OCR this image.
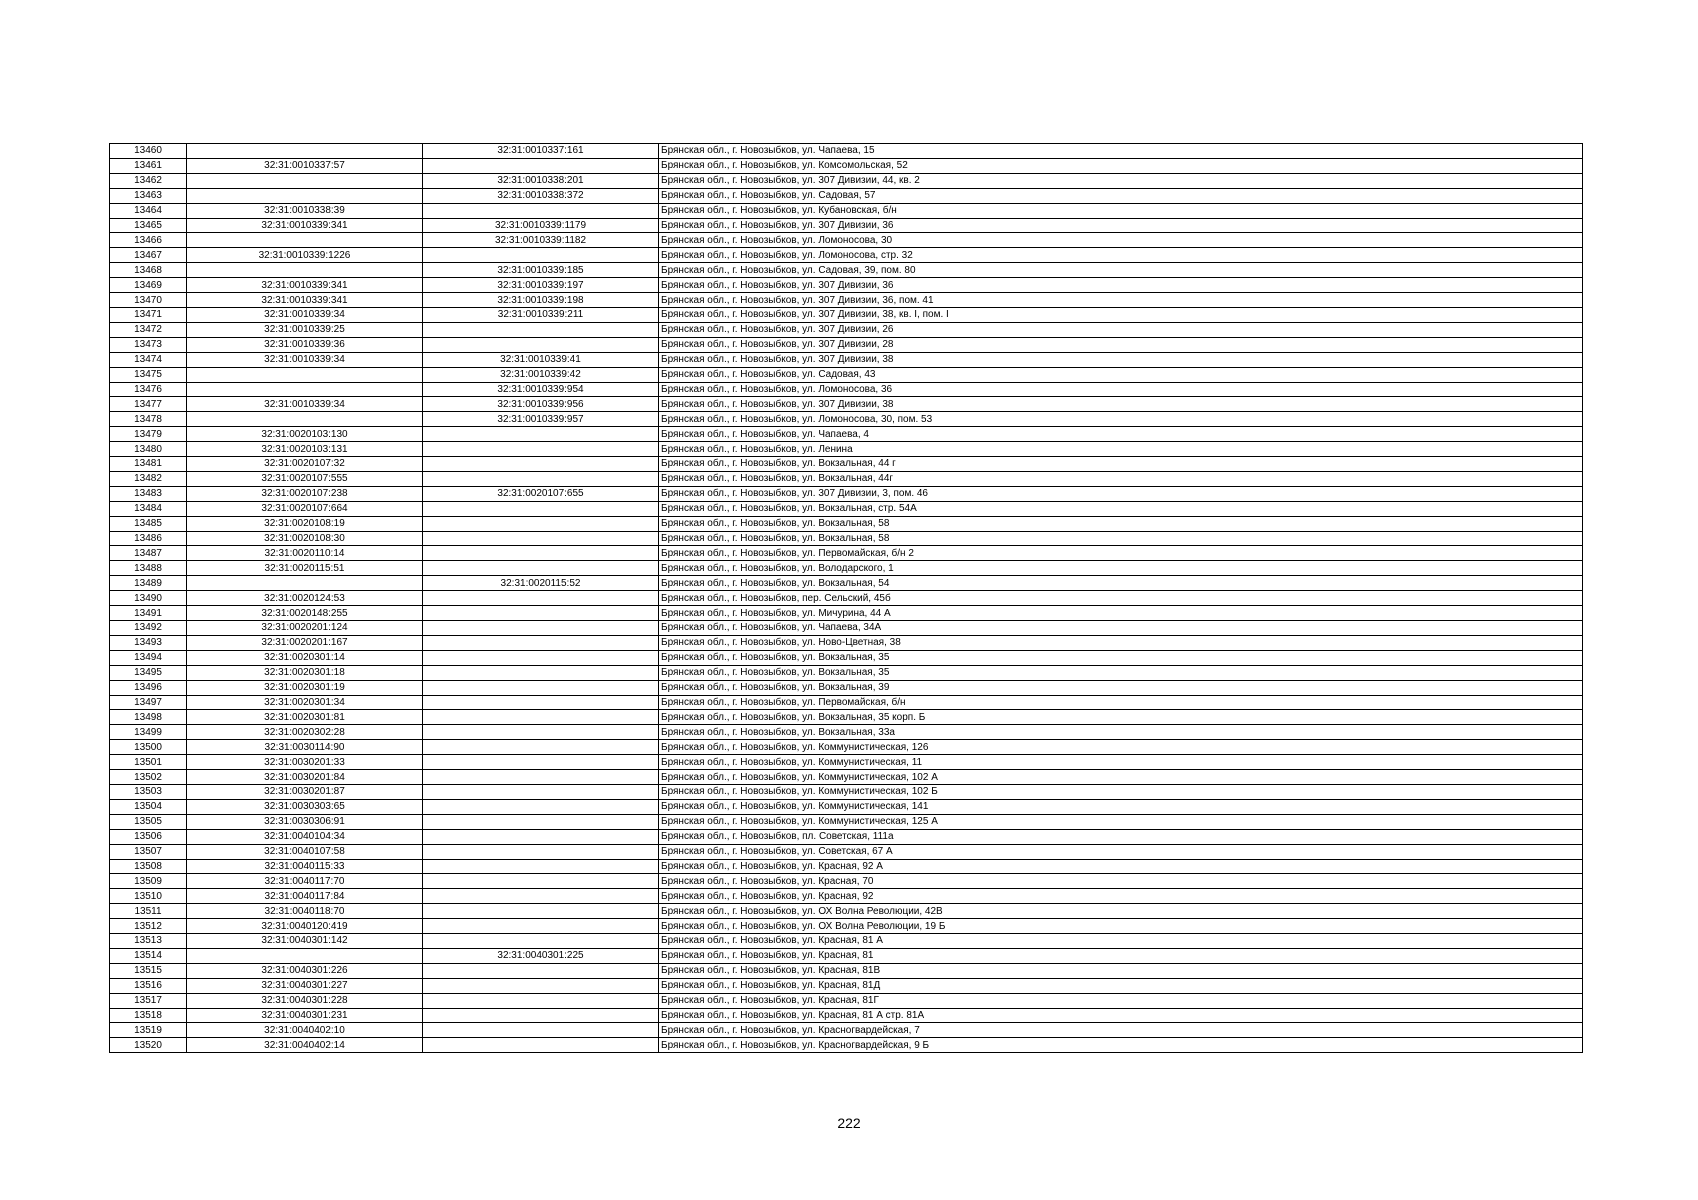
13460		32:31:0010337:161	Брянская обл., г. Новозыбков, ул. Чапаева, 15
13461	32:31:0010337:57		Брянская обл., г. Новозыбков, ул. Комсомольская, 52
13462		32:31:0010338:201	Брянская обл., г. Новозыбков, ул. 307 Дивизии, 44, кв. 2
13463		32:31:0010338:372	Брянская обл., г. Новозыбков, ул. Садовая, 57
13464	32:31:0010338:39		Брянская обл., г. Новозыбков, ул. Кубановская, б/н
13465	32:31:0010339:341	32:31:0010339:1179	Брянская обл., г. Новозыбков, ул. 307 Дивизии, 36
13466		32:31:0010339:1182	Брянская обл., г. Новозыбков, ул. Ломоносова, 30
13467	32:31:0010339:1226		Брянская обл., г. Новозыбков, ул. Ломоносова, стр. 32
13468		32:31:0010339:185	Брянская обл., г. Новозыбков, ул. Садовая, 39, пом. 80
13469	32:31:0010339:341	32:31:0010339:197	Брянская обл., г. Новозыбков, ул. 307 Дивизии, 36
13470	32:31:0010339:341	32:31:0010339:198	Брянская обл., г. Новозыбков, ул. 307 Дивизии, 36, пом. 41
13471	32:31:0010339:34	32:31:0010339:211	Брянская обл., г. Новозыбков, ул. 307 Дивизии, 38, кв. I, пом. I
13472	32:31:0010339:25		Брянская обл., г. Новозыбков, ул. 307 Дивизии, 26
13473	32:31:0010339:36		Брянская обл., г. Новозыбков, ул. 307 Дивизии, 28
13474	32:31:0010339:34	32:31:0010339:41	Брянская обл., г. Новозыбков, ул. 307 Дивизии, 38
13475		32:31:0010339:42	Брянская обл., г. Новозыбков, ул. Садовая, 43
13476		32:31:0010339:954	Брянская обл., г. Новозыбков, ул. Ломоносова, 36
13477	32:31:0010339:34	32:31:0010339:956	Брянская обл., г. Новозыбков, ул. 307 Дивизии, 38
13478		32:31:0010339:957	Брянская обл., г. Новозыбков, ул. Ломоносова, 30, пом. 53
13479	32:31:0020103:130		Брянская обл., г. Новозыбков, ул. Чапаева, 4
13480	32:31:0020103:131		Брянская обл., г. Новозыбков, ул. Ленина
13481	32:31:0020107:32		Брянская обл., г. Новозыбков, ул. Вокзальная, 44 г
13482	32:31:0020107:555		Брянская обл., г. Новозыбков, ул. Вокзальная, 44г
13483	32:31:0020107:238	32:31:0020107:655	Брянская обл., г. Новозыбков, ул. 307 Дивизии, 3, пом. 46
13484	32:31:0020107:664		Брянская обл., г. Новозыбков, ул. Вокзальная, стр. 54А
13485	32:31:0020108:19		Брянская обл., г. Новозыбков, ул. Вокзальная, 58
13486	32:31:0020108:30		Брянская обл., г. Новозыбков, ул. Вокзальная, 58
13487	32:31:0020110:14		Брянская обл., г. Новозыбков, ул. Первомайская, б/н 2
13488	32:31:0020115:51		Брянская обл., г. Новозыбков, ул. Володарского, 1
13489		32:31:0020115:52	Брянская обл., г. Новозыбков, ул. Вокзальная, 54
13490	32:31:0020124:53		Брянская обл., г. Новозыбков, пер. Сельский, 45б
13491	32:31:0020148:255		Брянская обл., г. Новозыбков, ул. Мичурина, 44 А
13492	32:31:0020201:124		Брянская обл., г. Новозыбков, ул. Чапаева, 34А
13493	32:31:0020201:167		Брянская обл., г. Новозыбков, ул. Ново-Цветная, 38
13494	32:31:0020301:14		Брянская обл., г. Новозыбков, ул. Вокзальная, 35
13495	32:31:0020301:18		Брянская обл., г. Новозыбков, ул. Вокзальная, 35
13496	32:31:0020301:19		Брянская обл., г. Новозыбков, ул. Вокзальная, 39
13497	32:31:0020301:34		Брянская обл., г. Новозыбков, ул. Первомайская, б/н
13498	32:31:0020301:81		Брянская обл., г. Новозыбков, ул. Вокзальная, 35 корп. Б
13499	32:31:0020302:28		Брянская обл., г. Новозыбков, ул. Вокзальная, 33а
13500	32:31:0030114:90		Брянская обл., г. Новозыбков, ул. Коммунистическая, 126
13501	32:31:0030201:33		Брянская обл., г. Новозыбков, ул. Коммунистическая, 11
13502	32:31:0030201:84		Брянская обл., г. Новозыбков, ул. Коммунистическая, 102 А
13503	32:31:0030201:87		Брянская обл., г. Новозыбков, ул. Коммунистическая, 102 Б
13504	32:31:0030303:65		Брянская обл., г. Новозыбков, ул. Коммунистическая, 141
13505	32:31:0030306:91		Брянская обл., г. Новозыбков, ул. Коммунистическая, 125 А
13506	32:31:0040104:34		Брянская обл., г. Новозыбков, пл. Советская, 111а
13507	32:31:0040107:58		Брянская обл., г. Новозыбков, ул. Советская, 67 А
13508	32:31:0040115:33		Брянская обл., г. Новозыбков, ул. Красная, 92 А
13509	32:31:0040117:70		Брянская обл., г. Новозыбков, ул. Красная, 70
13510	32:31:0040117:84		Брянская обл., г. Новозыбков, ул. Красная, 92
13511	32:31:0040118:70		Брянская обл., г. Новозыбков, ул. ОХ Волна Революции, 42В
13512	32:31:0040120:419		Брянская обл., г. Новозыбков, ул. ОХ Волна Революции, 19 Б
13513	32:31:0040301:142		Брянская обл., г. Новозыбков, ул. Красная, 81 А
13514		32:31:0040301:225	Брянская обл., г. Новозыбков, ул. Красная, 81
13515	32:31:0040301:226		Брянская обл., г. Новозыбков, ул. Красная, 81В
13516	32:31:0040301:227		Брянская обл., г. Новозыбков, ул. Красная, 81Д
13517	32:31:0040301:228		Брянская обл., г. Новозыбков, ул. Красная, 81Г
13518	32:31:0040301:231		Брянская обл., г. Новозыбков, ул. Красная, 81 А стр. 81А
13519	32:31:0040402:10		Брянская обл., г. Новозыбков, ул. Красногвардейская, 7
13520	32:31:0040402:14		Брянская обл., г. Новозыбков, ул. Красногвардейская, 9 Б
222
